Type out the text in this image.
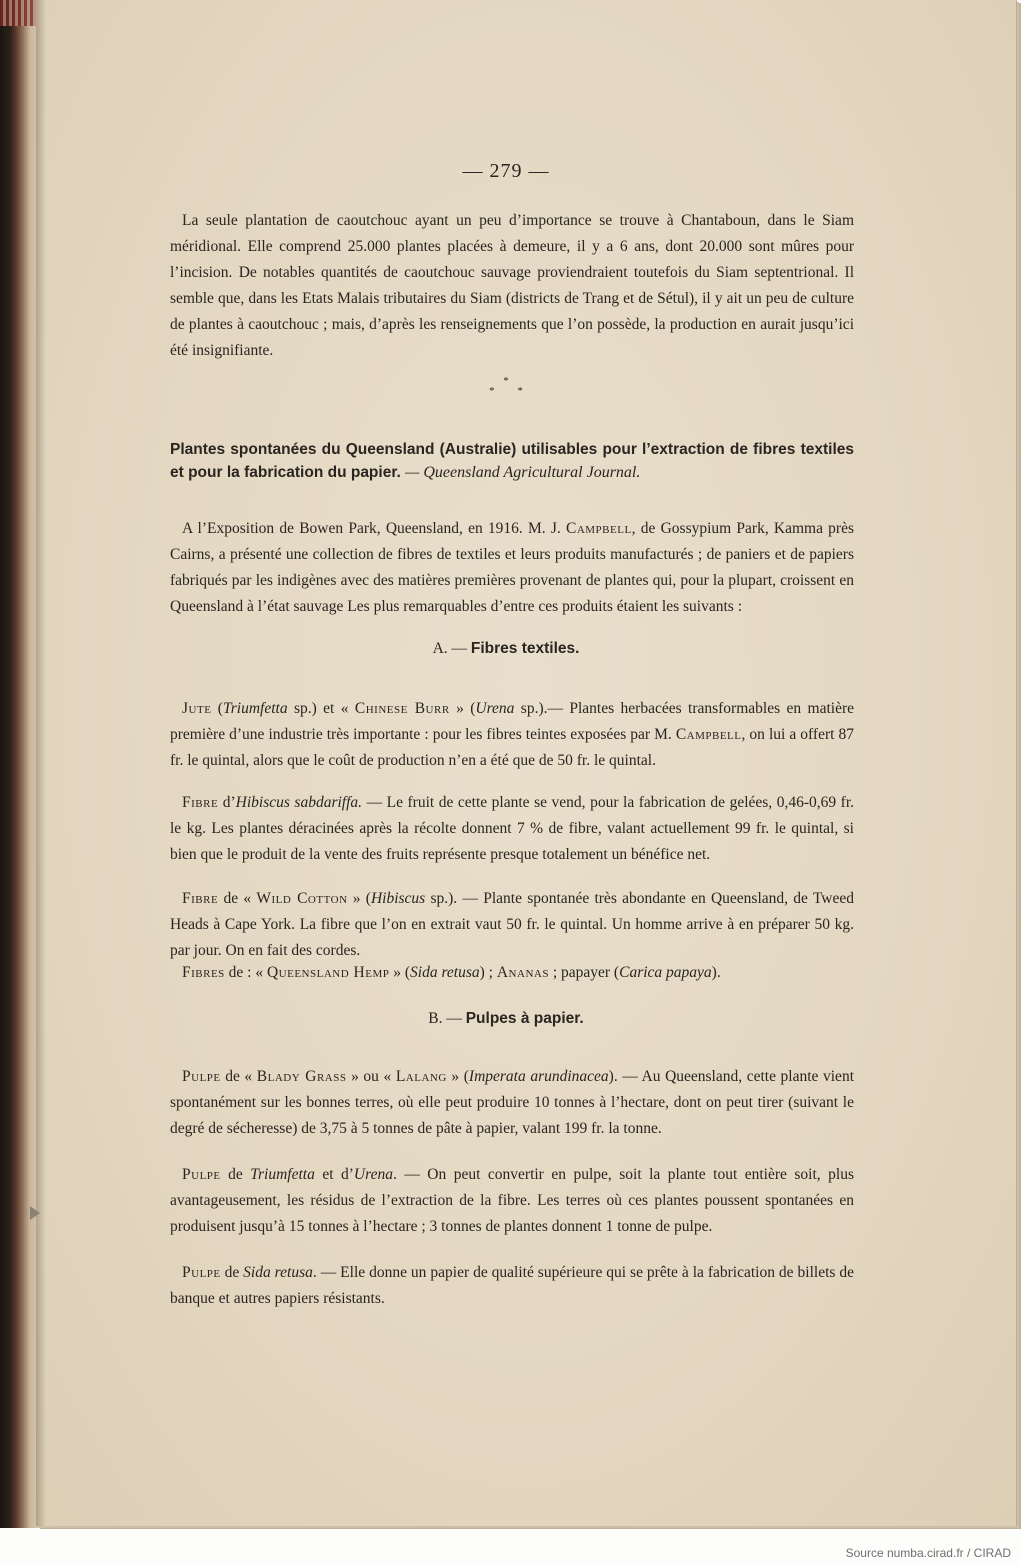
— 279 —

La seule plantation de caoutchouc ayant un peu d’importance se trouve à Chantaboun, dans le Siam méridional. Elle comprend 25.000 plantes placées à demeure, il y a 6 ans, dont 20.000 sont mûres pour l’incision. De notables quantités de caoutchouc sauvage proviendraient toutefois du Siam septentrional. Il semble que, dans les Etats Malais tributaires du Siam (districts de Trang et de Sétul), il y ait un peu de culture de plantes à caoutchouc ; mais, d’après les renseignements que l’on possède, la production en aurait jusqu’ici été insignifiante.

*
* *
Plantes spontanées du Queensland (Australie) utilisables pour l’extraction de fibres textiles et pour la fabrication du papier. — Queensland Agricultural Journal.

A l’Exposition de Bowen Park, Queensland, en 1916. M. J. Campbell, de Gossypium Park, Kamma près Cairns, a présenté une collection de fibres de textiles et leurs produits manufacturés ; de paniers et de papiers fabriqués par les indigènes avec des matières premières provenant de plantes qui, pour la plupart, croissent en Queensland à l’état sauvage Les plus remarquables d’entre ces produits étaient les suivants :

A. — Fibres textiles.

Jute (Triumfetta sp.) et « Chinese Burr » (Urena sp.).— Plantes herbacées transformables en matière première d’une industrie très importante : pour les fibres teintes exposées par M. Campbell, on lui a offert 87 fr. le quintal, alors que le coût de production n’en a été que de 50 fr. le quintal.

Fibre d’Hibiscus sabdariffa. — Le fruit de cette plante se vend, pour la fabrication de gelées, 0,46-0,69 fr. le kg. Les plantes déracinées après la récolte donnent 7 % de fibre, valant actuellement 99 fr. le quintal, si bien que le produit de la vente des fruits représente presque totalement un bénéfice net.

Fibre de « Wild Cotton » (Hibiscus sp.). — Plante spontanée très abondante en Queensland, de Tweed Heads à Cape York. La fibre que l’on en extrait vaut 50 fr. le quintal. Un homme arrive à en préparer 50 kg. par jour. On en fait des cordes.

Fibres de : « Queensland Hemp » (Sida retusa) ; Ananas ; papayer (Carica papaya).

B. — Pulpes à papier.

Pulpe de « Blady Grass » ou « Lalang » (Imperata arundinacea). — Au Queensland, cette plante vient spontanément sur les bonnes terres, où elle peut produire 10 tonnes à l’hectare, dont on peut tirer (suivant le degré de sécheresse) de 3,75 à 5 tonnes de pâte à papier, valant 199 fr. la tonne.

Pulpe de Triumfetta et d’Urena. — On peut convertir en pulpe, soit la plante tout entière soit, plus avantageusement, les résidus de l’extraction de la fibre. Les terres où ces plantes poussent spontanées en produisent jusqu’à 15 tonnes à l’hectare ; 3 tonnes de plantes donnent 1 tonne de pulpe.

Pulpe de Sida retusa. — Elle donne un papier de qualité supérieure qui se prête à la fabrication de billets de banque et autres papiers résistants.

Source numba.cirad.fr / CIRAD
